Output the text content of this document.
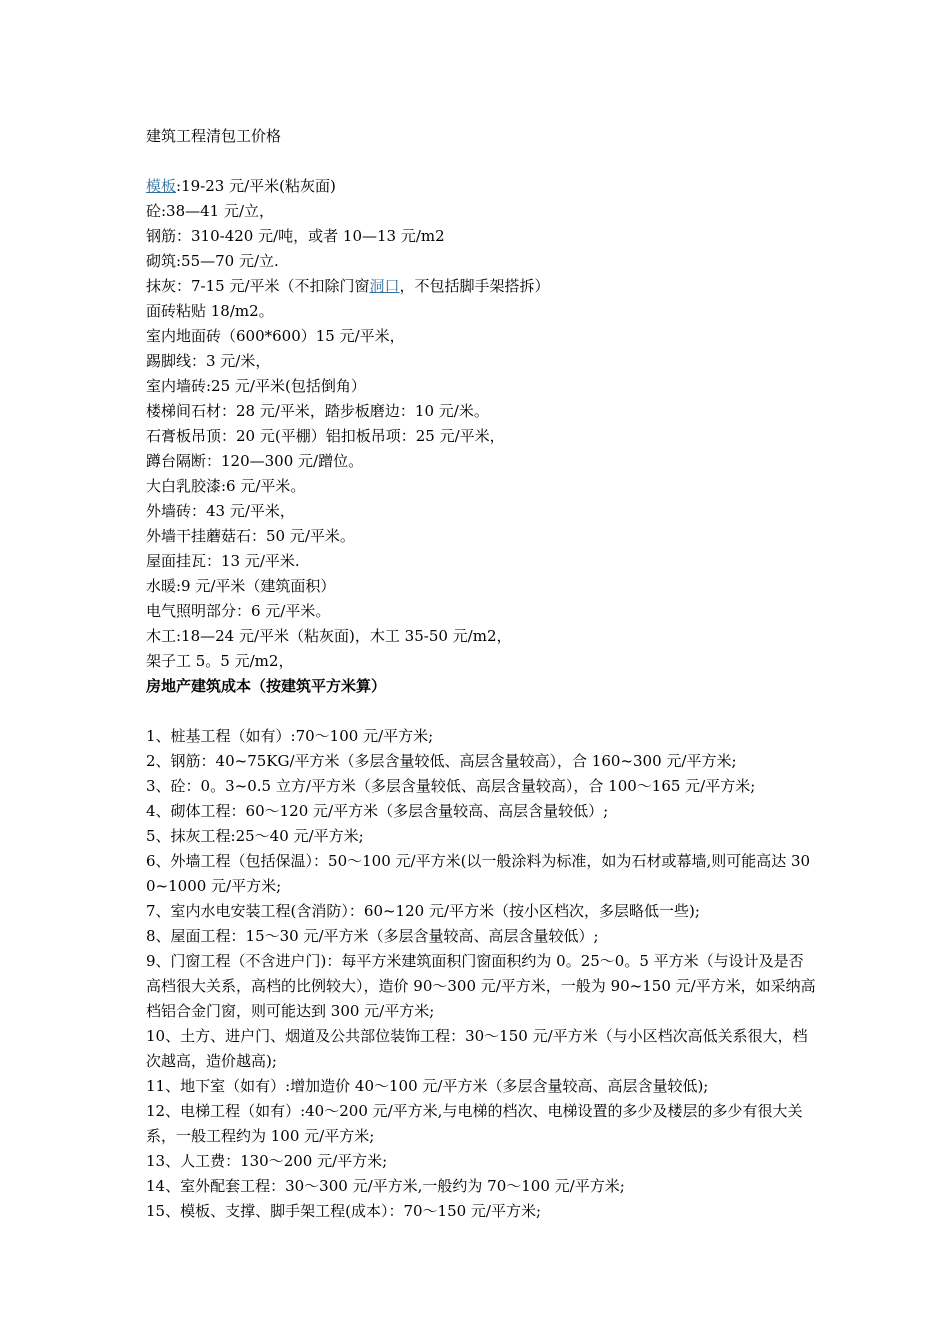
建筑工程清包工价格
模板:19-23 元/平米(粘灰面)
砼:38—41 元/立，
钢筋：310-420 元/吨，或者 10—13 元/m2
砌筑:55—70 元/立.
抹灰：7-15 元/平米（不扣除门窗洞口，不包括脚手架搭拆）
面砖粘贴 18/m2。
室内地面砖（600*600）15 元/平米，
踢脚线：3 元/米，
室内墙砖:25 元/平米(包括倒角）
楼梯间石材：28 元/平米，踏步板磨边：10 元/米。
石膏板吊顶：20 元(平棚）铝扣板吊项：25 元/平米，
蹲台隔断：120—300 元/蹭位。
大白乳胶漆:6 元/平米。
外墙砖：43 元/平米，
外墙干挂蘑菇石：50 元/平米。
屋面挂瓦：13 元/平米.
水暖:9 元/平米（建筑面积）
电气照明部分：6 元/平米。
木工:18—24 元/平米（粘灰面)，木工 35-50 元/m2，
架子工 5。5 元/m2，
房地产建筑成本（按建筑平方米算）
1、桩基工程（如有）:70～100 元/平方米;
2、钢筋：40~75KG/平方米（多层含量较低、高层含量较高），合 160~300 元/平方米;
3、砼：0。3~0.5 立方/平方米（多层含量较低、高层含量较高），合 100～165 元/平方米;
4、砌体工程：60～120 元/平方米（多层含量较高、高层含量较低）;
5、抹灰工程:25～40 元/平方米;
6、外墙工程（包括保温）：50～100 元/平方米(以一般涂料为标准，如为石材或幕墙,则可能高达 300~1000 元/平方米;
7、室内水电安装工程(含消防）：60~120 元/平方米（按小区档次，多层略低一些);
8、屋面工程：15～30 元/平方米（多层含量较高、高层含量较低）;
9、门窗工程（不含进户门)：每平方米建筑面积门窗面积约为 0。25～0。5 平方米（与设计及是否高档很大关系，高档的比例较大），造价 90～300 元/平方米，一般为 90~150 元/平方米，如采纳高档铝合金门窗，则可能达到 300 元/平方米;
10、土方、进户门、烟道及公共部位装饰工程：30～150 元/平方米（与小区档次高低关系很大，档次越高，造价越高);
11、地下室（如有）:增加造价 40～100 元/平方米（多层含量较高、高层含量较低);
12、电梯工程（如有）:40～200 元/平方米,与电梯的档次、电梯设置的多少及楼层的多少有很大关系，一般工程约为 100 元/平方米;
13、人工费：130～200 元/平方米;
14、室外配套工程：30～300 元/平方米,一般约为 70～100 元/平方米;
15、模板、支撑、脚手架工程(成本）：70～150 元/平方米;
